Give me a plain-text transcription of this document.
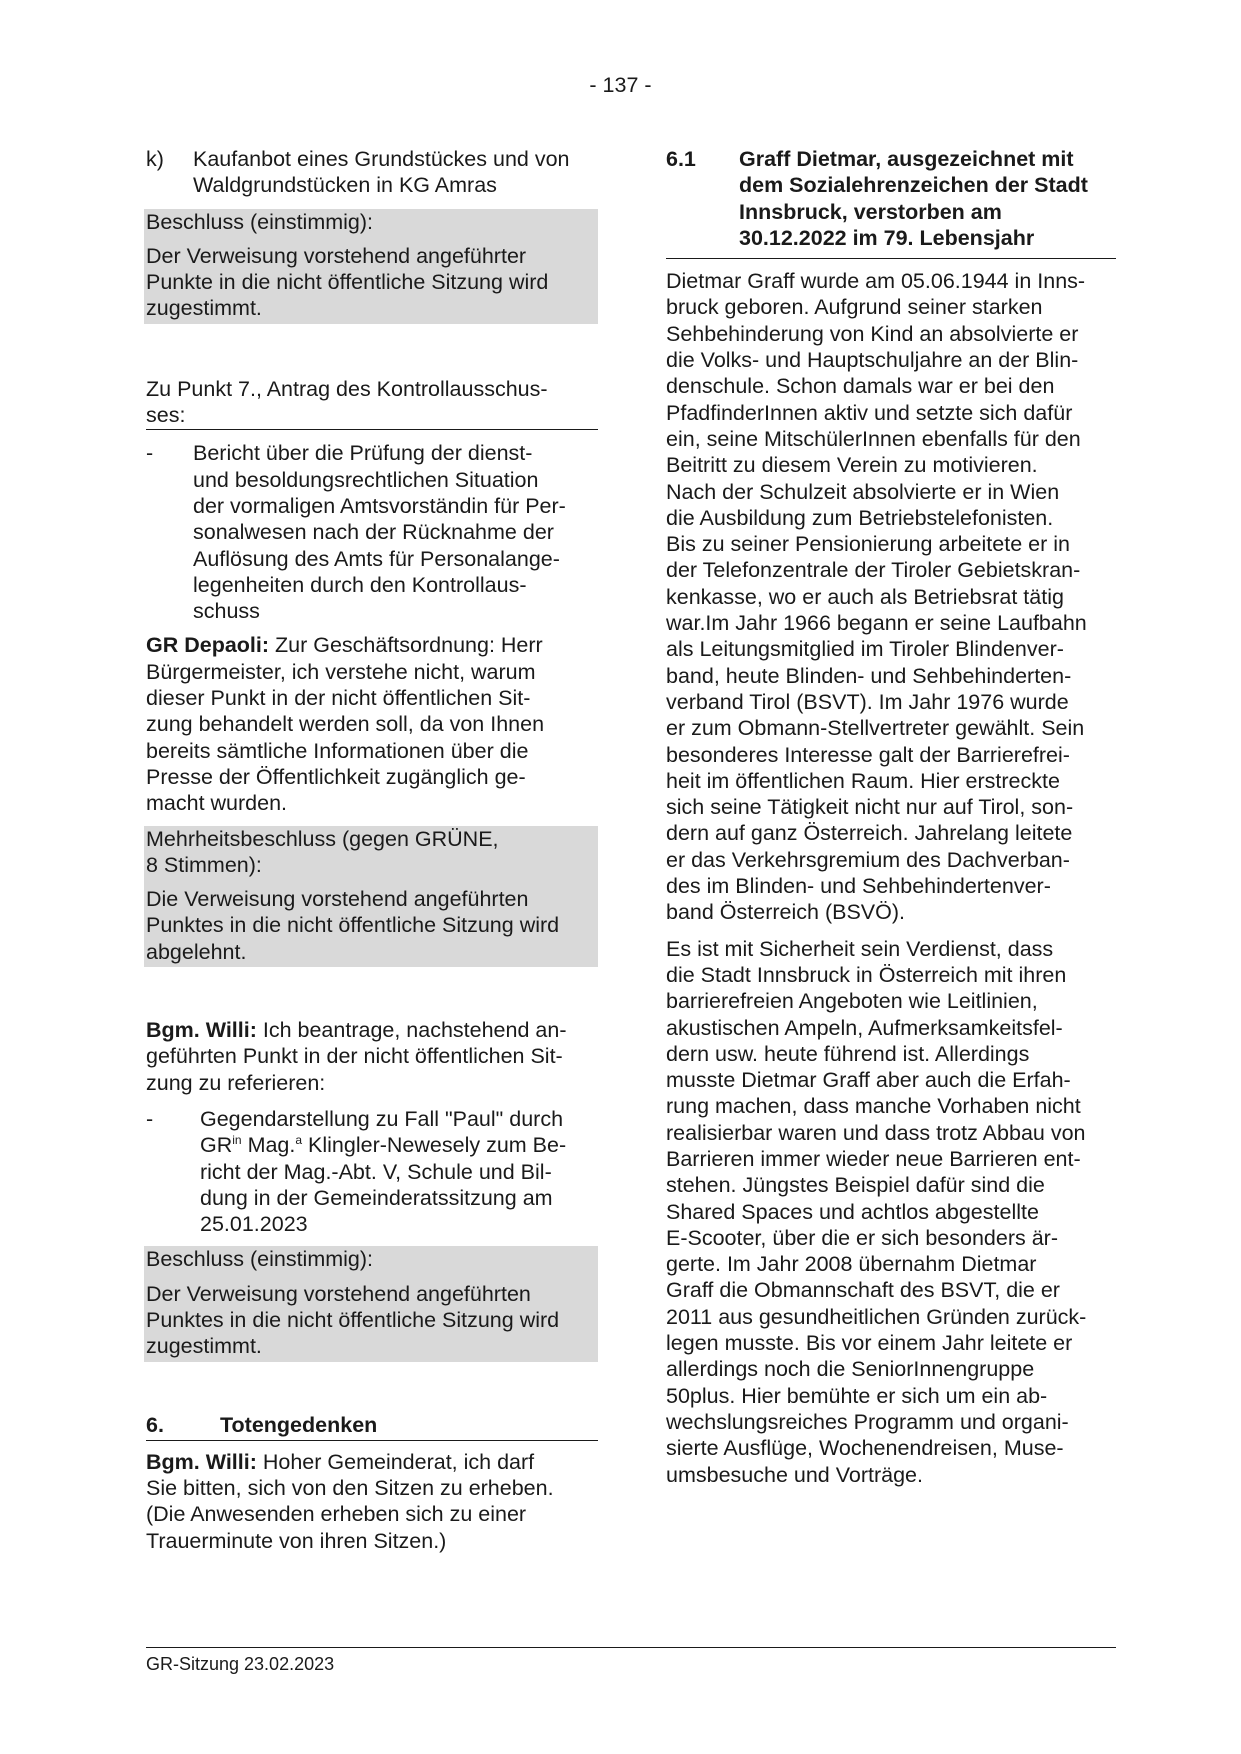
- 137 -
k)	Kaufanbot eines Grundstückes und von
Waldgrundstücken in KG Amras

Beschluss (einstimmig):

Der Verweisung vorstehend angeführter

Punkte in die nicht öffentliche Sitzung wird

zugestimmt.

Zu Punkt 7., Antrag des Kontrollausschus-
ses:
-	Bericht über die Prüfung der dienst-
und besoldungsrechtlichen Situation
der vormaligen Amtsvorständin für Per-
sonalwesen nach der Rücknahme der
Auflösung des Amts für Personalange-
legenheiten durch den Kontrollaus-
schuss
GR Depaoli: Zur Geschäftsordnung: Herr
Bürgermeister, ich verstehe nicht, warum
dieser Punkt in der nicht öffentlichen Sit-
zung behandelt werden soll, da von Ihnen
bereits sämtliche Informationen über die
Presse der Öffentlichkeit zugänglich ge-
macht wurden.

Mehrheitsbeschluss (gegen GRÜNE,

8 Stimmen):

Die Verweisung vorstehend angeführten

Punktes in die nicht öffentliche Sitzung wird

abgelehnt.

Bgm. Willi: Ich beantrage, nachstehend an-
geführten Punkt in der nicht öffentlichen Sit-
zung zu referieren:
-	Gegendarstellung zu Fall "Paul" durch
$GR^{in}$ Mag.$^a$ Klingler-Newesely zum Be-
richt der Mag.-Abt. V, Schule und Bil-
dung in der Gemeinderatssitzung am
25.01.2023

Beschluss (einstimmig):

Der Verweisung vorstehend angeführten

Punktes in die nicht öffentliche Sitzung wird

zugestimmt.

6.	Totengedenken
Bgm. Willi: Hoher Gemeinderat, ich darf
Sie bitten, sich von den Sitzen zu erheben.
(Die Anwesenden erheben sich zu einer
Trauerminute von ihren Sitzen.)
6.1	Graff Dietmar, ausgezeichnet mit
dem Sozialehrenzeichen der Stadt
Innsbruck, verstorben am
30.12.2022 im 79. Lebensjahr
Dietmar Graff wurde am 05.06.1944 in Inns-
bruck geboren. Aufgrund seiner starken
Sehbehinderung von Kind an absolvierte er
die Volks- und Hauptschuljahre an der Blin-
denschule. Schon damals war er bei den
PfadfinderInnen aktiv und setzte sich dafür
ein, seine MitschülerInnen ebenfalls für den
Beitritt zu diesem Verein zu motivieren.
Nach der Schulzeit absolvierte er in Wien
die Ausbildung zum Betriebstelefonisten.
Bis zu seiner Pensionierung arbeitete er in
der Telefonzentrale der Tiroler Gebietskran-
kenkasse, wo er auch als Betriebsrat tätig
war.Im Jahr 1966 begann er seine Laufbahn
als Leitungsmitglied im Tiroler Blindenver-
band, heute Blinden- und Sehbehinderten-
verband Tirol (BSVT). Im Jahr 1976 wurde
er zum Obmann-Stellvertreter gewählt. Sein
besonderes Interesse galt der Barrierefrei-
heit im öffentlichen Raum. Hier erstreckte
sich seine Tätigkeit nicht nur auf Tirol, son-
dern auf ganz Österreich. Jahrelang leitete
er das Verkehrsgremium des Dachverban-
des im Blinden- und Sehbehindertenver-
band Österreich (BSVÖ).
Es ist mit Sicherheit sein Verdienst, dass
die Stadt Innsbruck in Österreich mit ihren
barrierefreien Angeboten wie Leitlinien,
akustischen Ampeln, Aufmerksamkeitsfel-
dern usw. heute führend ist. Allerdings
musste Dietmar Graff aber auch die Erfah-
rung machen, dass manche Vorhaben nicht
realisierbar waren und dass trotz Abbau von
Barrieren immer wieder neue Barrieren ent-
stehen. Jüngstes Beispiel dafür sind die
Shared Spaces und achtlos abgestellte
E-Scooter, über die er sich besonders är-
gerte. Im Jahr 2008 übernahm Dietmar
Graff die Obmannschaft des BSVT, die er
2011 aus gesundheitlichen Gründen zurück-
legen musste. Bis vor einem Jahr leitete er
allerdings noch die SeniorInnengruppe
50plus. Hier bemühte er sich um ein ab-
wechslungsreiches Programm und organi-
sierte Ausflüge, Wochenendreisen, Muse-
umsbesuche und Vorträge.
GR-Sitzung 23.02.2023
